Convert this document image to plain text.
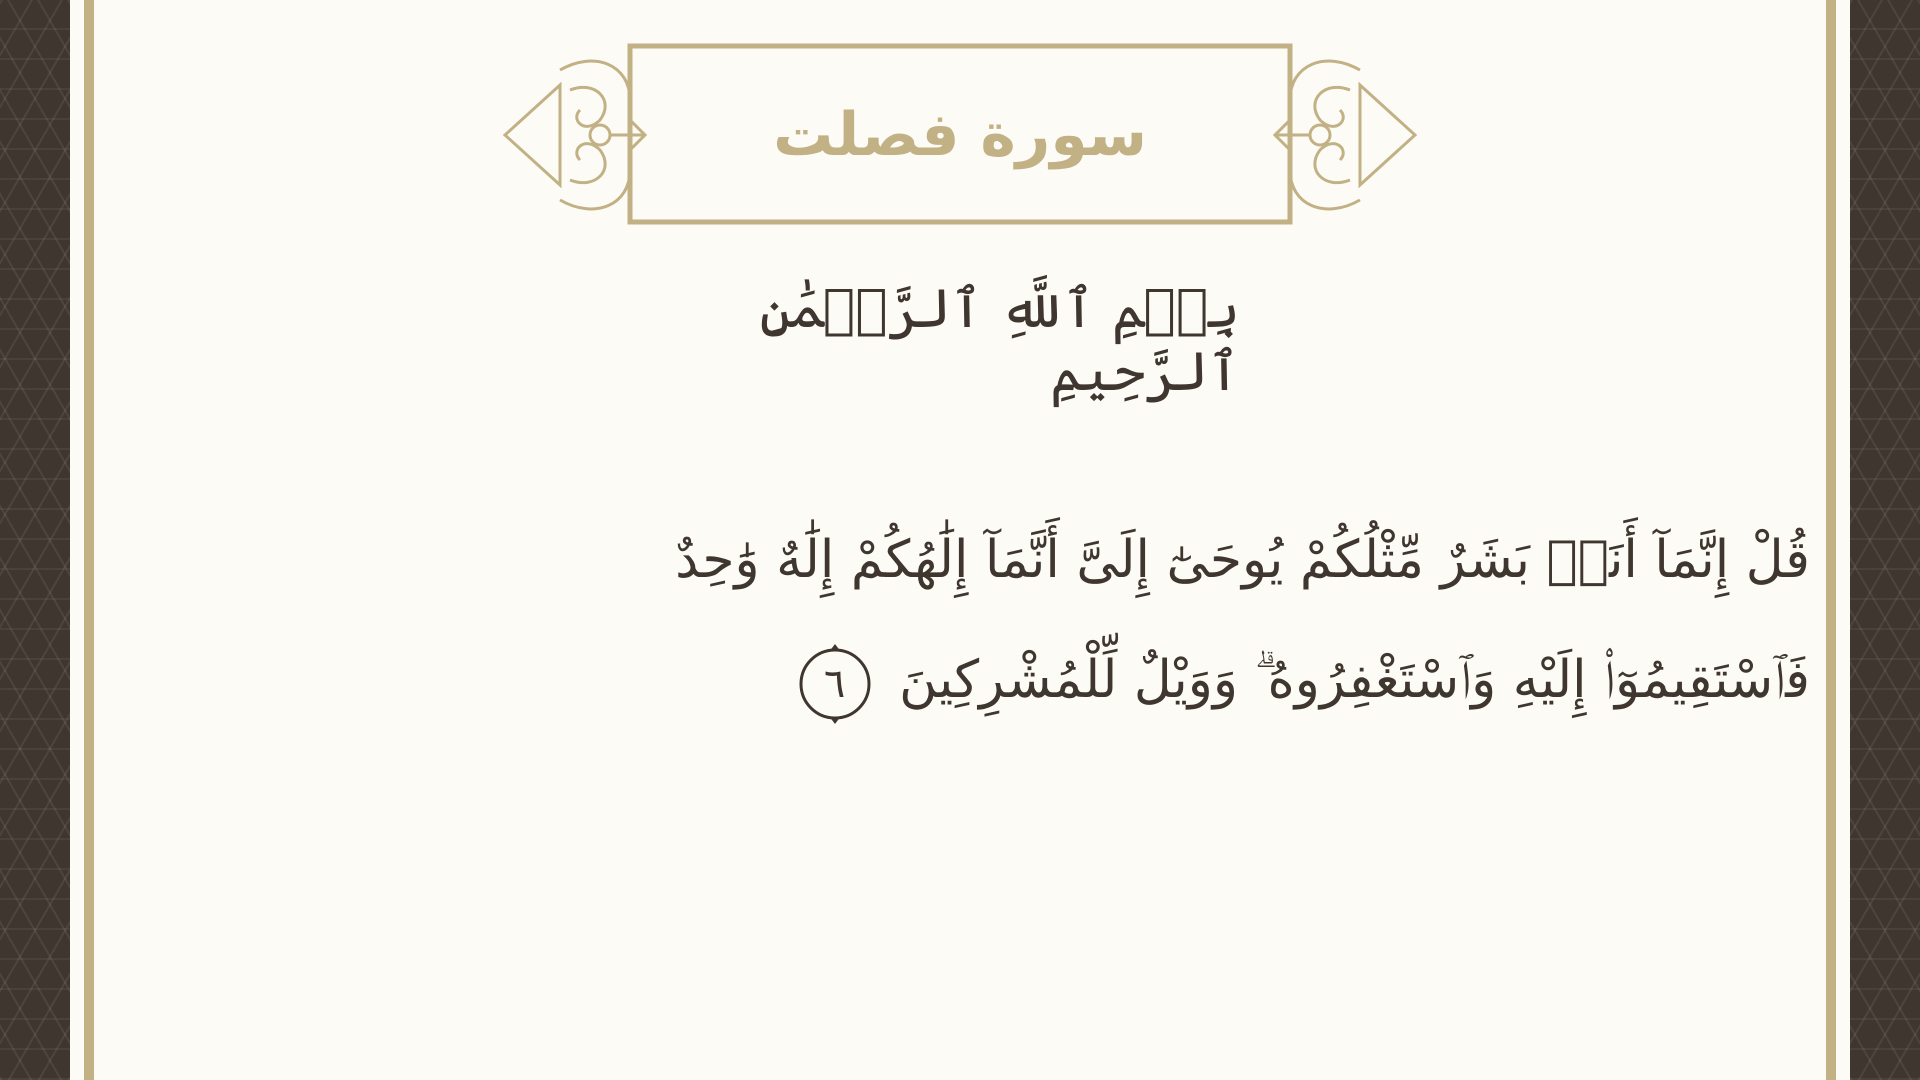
سورة فصلت
بِسۡمِ ٱللَّهِ ٱلرَّحۡمَٰنِ ٱلرَّحِيمِ
قُلْ إِنَّمَآ أَنَا۠ بَشَرٌ مِّثْلُكُمْ يُوحَىٰٓ إِلَىَّ أَنَّمَآ إِلَٰهُكُمْ إِلَٰهٌ وَٰحِدٌ
فَٱسْتَقِيمُوٓا۟ إِلَيْهِ وَٱسْتَغْفِرُوهُ ۗ وَوَيْلٌ لِّلْمُشْرِكِينَ
٦
